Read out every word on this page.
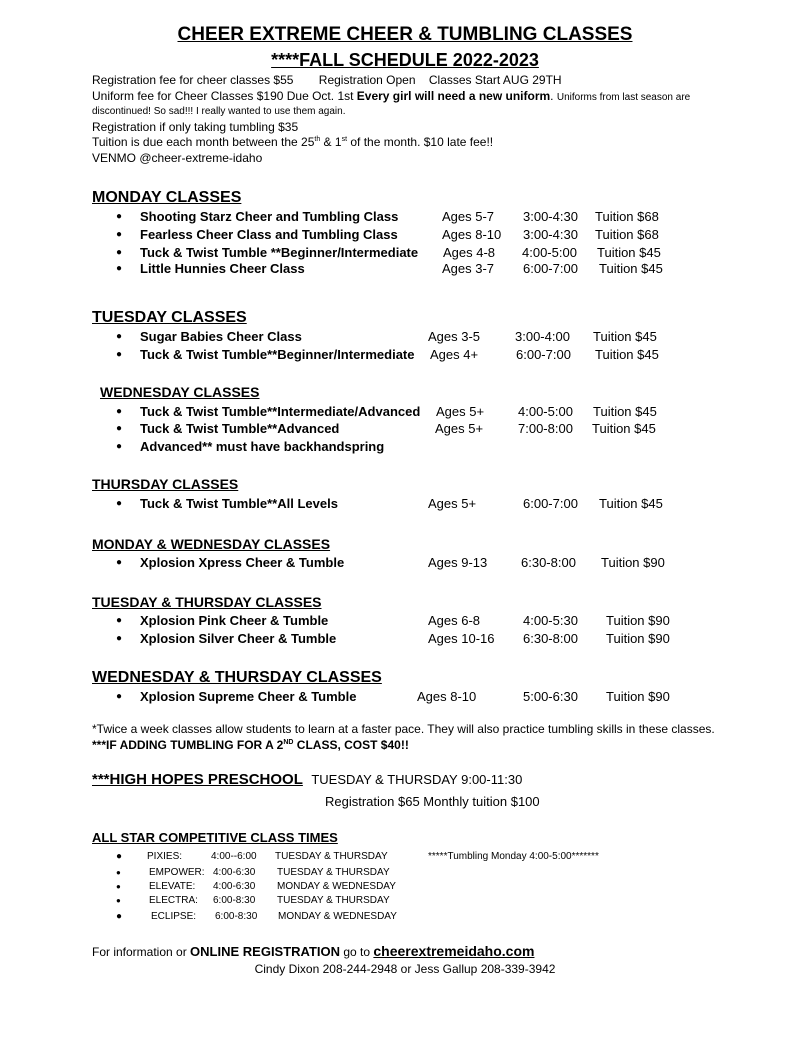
CHEER EXTREME CHEER & TUMBLING CLASSES
****FALL SCHEDULE 2022-2023
Registration fee for cheer classes $55 Registration Open Classes Start AUG 29TH
Uniform fee for Cheer Classes $190 Due Oct. 1st Every girl will need a new uniform. Uniforms from last season are
discontinued! So sad!!! I really wanted to use them again.
Registration if only taking tumbling $35
Tuition is due each month between the 25th & 1st of the month. $10 late fee!!
VENMO @cheer-extreme-idaho
MONDAY CLASSES
● Shooting Starz Cheer and Tumbling Class	Ages 5-7 3:00-4:30 Tuition $68
● Fearless Cheer Class and Tumbling Class	Ages 8-10 3:00-4:30 Tuition $68
● Tuck & Twist Tumble **Beginner/Intermediate Ages 4-8 4:00-5:00 Tuition $45
● Little Hunnies Cheer Class	Ages 3-7 6:00-7:00 Tuition $45
TUESDAY CLASSES
● Sugar Babies Cheer Class	Ages 3-5	3:00-4:00 Tuition $45
● Tuck & Twist Tumble**Beginner/Intermediate Ages 4+	6:00-7:00 Tuition $45
WEDNESDAY CLASSES
● Tuck & Twist Tumble**Intermediate/Advanced Ages 5+	4:00-5:00 Tuition $45
● Tuck & Twist Tumble**Advanced	Ages 5+	7:00-8:00 Tuition $45
● Advanced** must have backhandspring
THURSDAY CLASSES
● Tuck & Twist Tumble**All Levels	Ages 5+	6:00-7:00 Tuition $45
MONDAY & WEDNESDAY CLASSES
● Xplosion Xpress Cheer & Tumble	Ages 9-13	6:30-8:00 Tuition $90
TUESDAY & THURSDAY CLASSES
● Xplosion Pink Cheer & Tumble	Ages 6-8	4:00-5:30 Tuition $90
● Xplosion Silver Cheer & Tumble	Ages 10-16 6:30-8:00 Tuition $90
WEDNESDAY & THURSDAY CLASSES
● Xplosion Supreme Cheer & Tumble	Ages 8-10	5:00-6:30 Tuition $90
*Twice a week classes allow students to learn at a faster pace. They will also practice tumbling skills in these classes.
***IF ADDING TUMBLING FOR A 2ND CLASS, COST $40!!
***HIGH HOPES PRESCHOOL TUESDAY & THURSDAY 9:00-11:30
Registration $65 Monthly tuition $100
ALL STAR COMPETITIVE CLASS TIMES
● PIXIES:	4:00--6:00 TUESDAY & THURSDAY
●	EMPOWER: 4:00-6:30 TUESDAY & THURSDAY
●	ELEVATE: 4:00-6:30 MONDAY & WEDNESDAY
●	ELECTRA: 6:00-8:30 TUESDAY & THURSDAY
●	ECLIPSE: 6:00-8:30 MONDAY & WEDNESDAY
*****Tumbling Monday 4:00-5:00*******
For information or ONLINE REGISTRATION go to cheerextremeidaho.com
Cindy Dixon 208-244-2948 or Jess Gallup 208-339-3942
